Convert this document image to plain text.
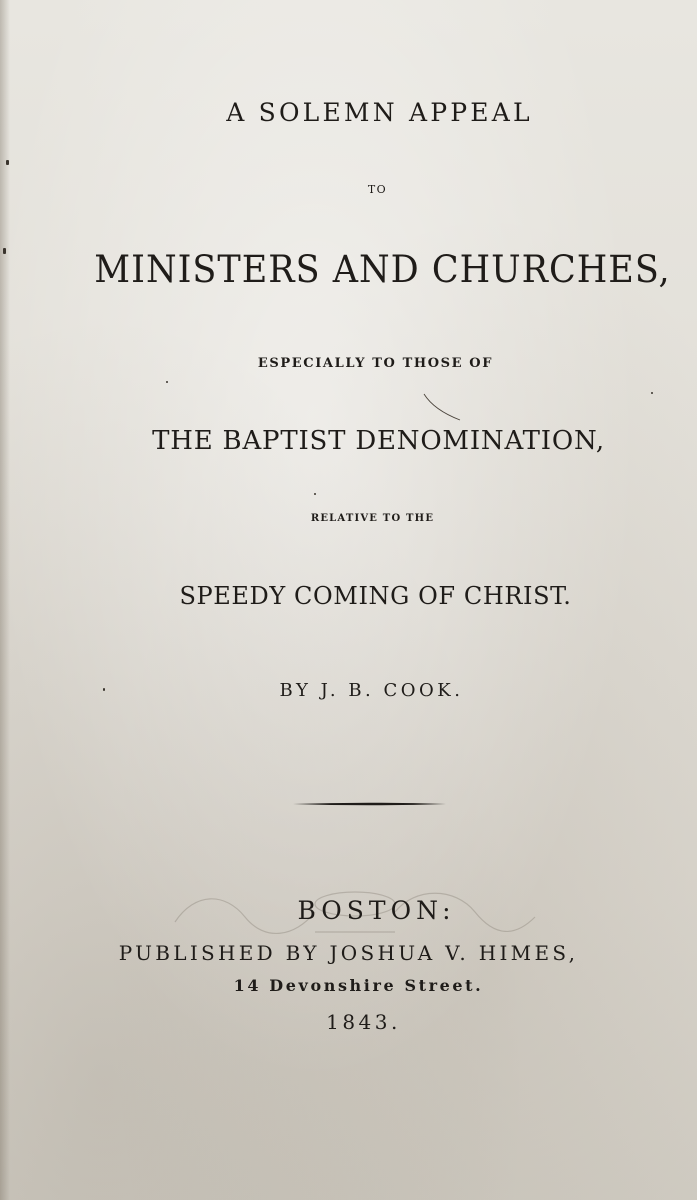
A SOLEMN APPEAL
TO
MINISTERS AND CHURCHES,
ESPECIALLY TO THOSE OF
THE BAPTIST DENOMINATION,
RELATIVE TO THE
SPEEDY COMING OF CHRIST.
BY J. B. COOK.
BOSTON:
PUBLISHED BY JOSHUA V. HIMES,
14 Devonshire Street.
1843.
